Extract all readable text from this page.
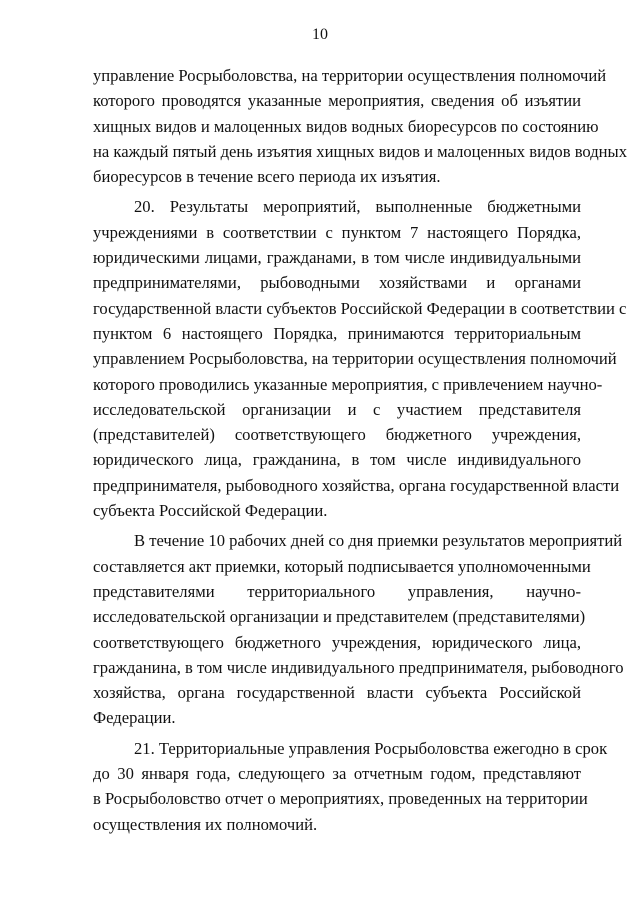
10
управление Росрыболовства, на территории осуществления полномочий
которого проводятся указанные мероприятия, сведения об изъятии
хищных видов и малоценных видов водных биоресурсов по состоянию
на каждый пятый день изъятия хищных видов и малоценных видов водных
биоресурсов в течение всего периода их изъятия.
20. Результаты мероприятий, выполненные бюджетными
учреждениями в соответствии с пунктом 7 настоящего Порядка,
юридическими лицами, гражданами, в том числе индивидуальными
предпринимателями, рыбоводными хозяйствами и органами
государственной власти субъектов Российской Федерации в соответствии с
пунктом 6 настоящего Порядка, принимаются территориальным
управлением Росрыболовства, на территории осуществления полномочий
которого проводились указанные мероприятия, с привлечением научно-
исследовательской организации и с участием представителя
(представителей) соответствующего бюджетного учреждения,
юридического лица, гражданина, в том числе индивидуального
предпринимателя, рыбоводного хозяйства, органа государственной власти
субъекта Российской Федерации.
В течение 10 рабочих дней со дня приемки результатов мероприятий
составляется акт приемки, который подписывается уполномоченными
представителями территориального управления, научно-
исследовательской организации и представителем (представителями)
соответствующего бюджетного учреждения, юридического лица,
гражданина, в том числе индивидуального предпринимателя, рыбоводного
хозяйства, органа государственной власти субъекта Российской
Федерации.
21. Территориальные управления Росрыболовства ежегодно в срок
до 30 января года, следующего за отчетным годом, представляют
в Росрыболовство отчет о мероприятиях, проведенных на территории
осуществления их полномочий.
